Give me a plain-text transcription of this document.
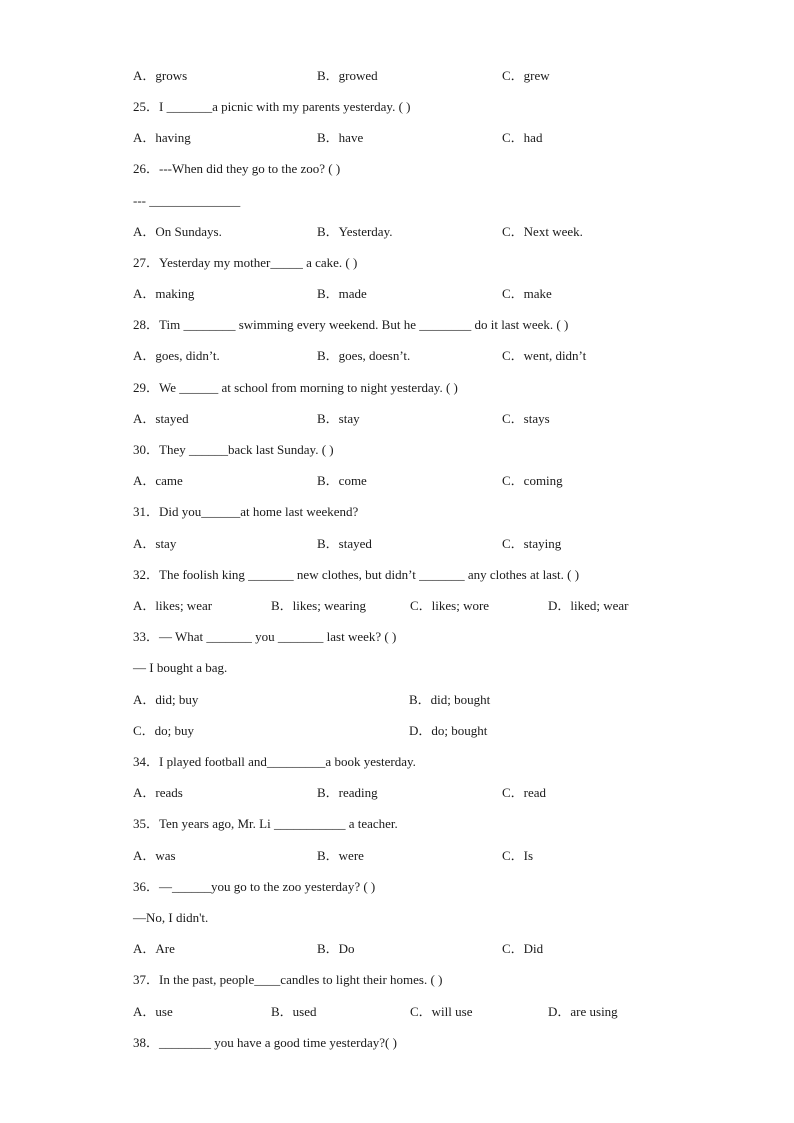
A．grows	B．growed	C．grew
25．I _______a picnic with my parents yesterday. ( )
A．having	B．have	C．had
26．---When did they go to the zoo? ( )
--- ______________
A．On Sundays.	B．Yesterday.	C．Next week.
27．Yesterday my mother_____ a cake. ( )
A．making	B．made	C．make
28．Tim ________ swimming every weekend. But he ________ do it last week. ( )
A．goes, didn’t.	B．goes, doesn’t.	C．went, didn’t
29．We ______ at school from morning to night yesterday. ( )
A．stayed	B．stay	C．stays
30．They ______back last Sunday. ( )
A．came	B．come	C．coming
31．Did you______at home last weekend?
A．stay	B．stayed	C．staying
32．The foolish king _______ new clothes, but didn’t _______ any clothes at last. ( )
A．likes; wear	B．likes; wearing	C．likes; wore	D．liked; wear
33．— What _______ you _______ last week? ( )
— I bought a bag.
A．did; buy	B．did; bought
C．do; buy	D．do; bought
34．I played football and_________a book yesterday.
A．reads	B．reading	C．read
35．Ten years ago, Mr. Li ___________ a teacher.
A．was	B．were	C．Is
36．—______you go to the zoo yesterday? ( )
—No, I didn't.
A．Are	B．Do	C．Did
37．In the past, people____candles to light their homes. ( )
A．use	B．used	C．will use	D．are using
38．________ you have a good time yesterday?( )
